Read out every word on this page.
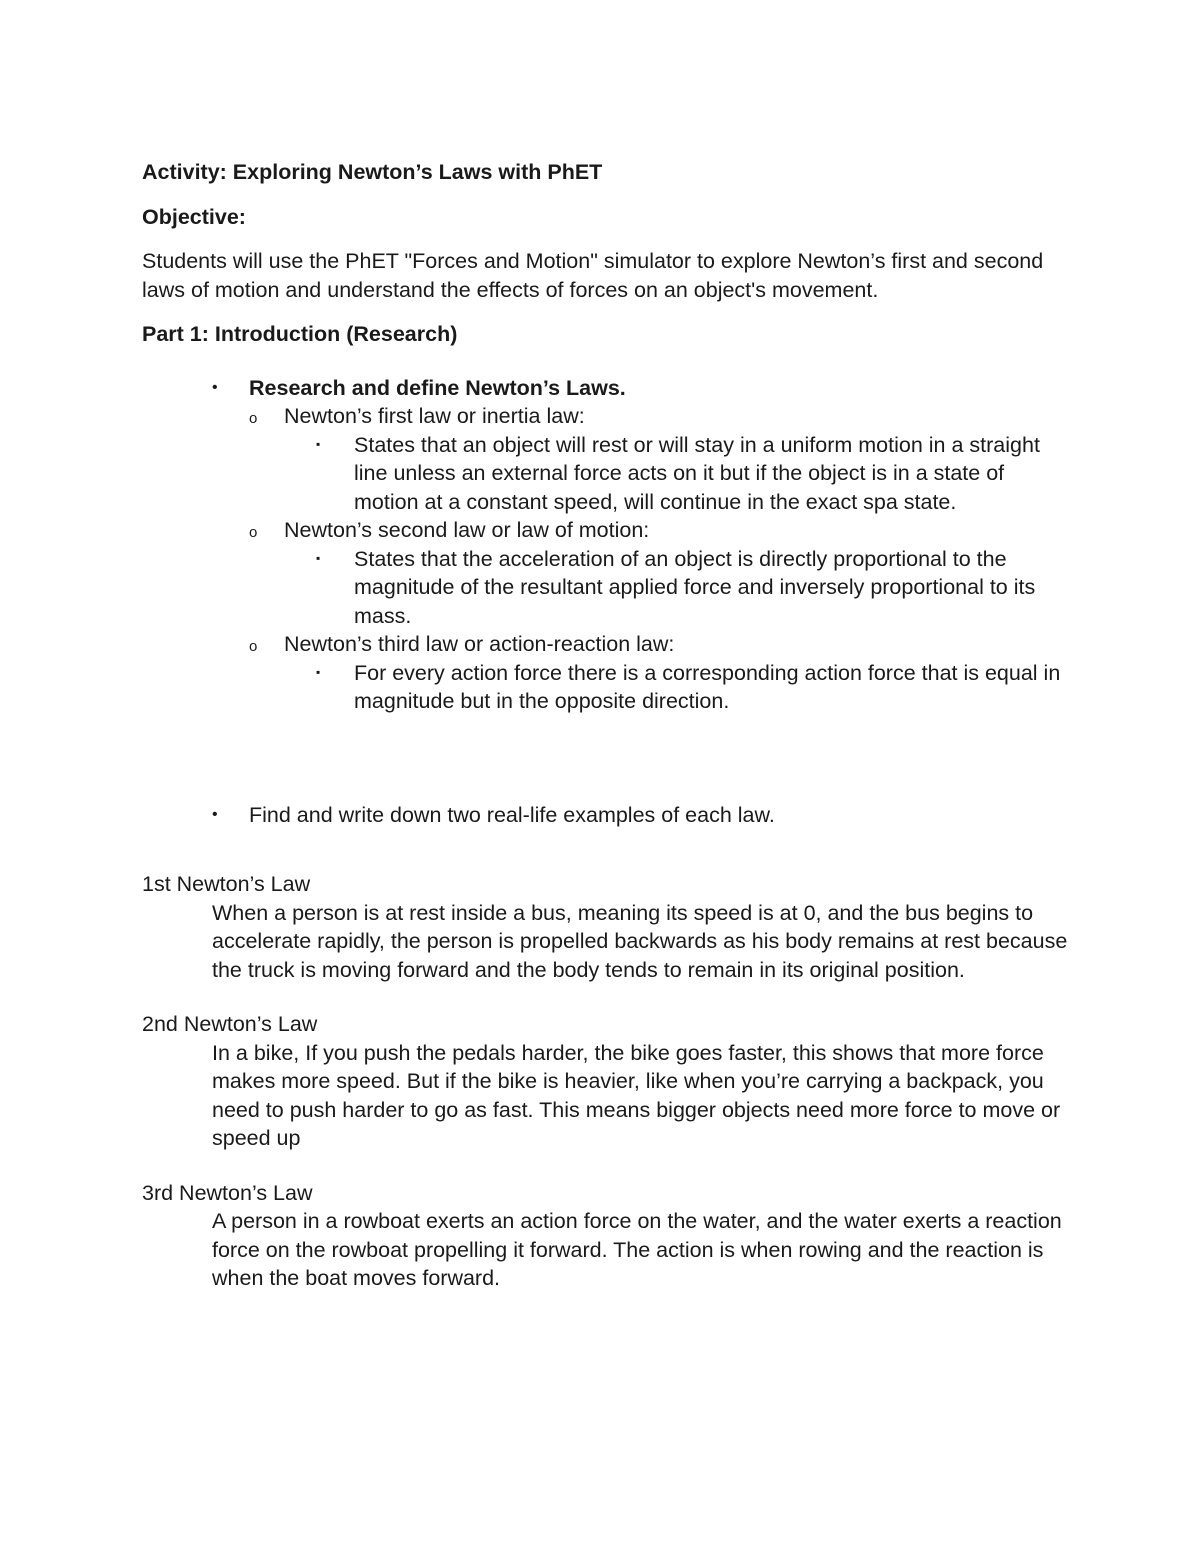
Activity: Exploring Newton’s Laws with PhET

Objective:

Students will use the PhET "Forces and Motion" simulator to explore Newton’s first and second laws of motion and understand the effects of forces on an object's movement.

Part 1: Introduction (Research)

• Research and define Newton’s Laws.
o Newton’s first law or inertia law:
▪ States that an object will rest or will stay in a uniform motion in a straight line unless an external force acts on it but if the object is in a state of motion at a constant speed, will continue in the exact spa state.
o Newton’s second law or law of motion:
▪ States that the acceleration of an object is directly proportional to the magnitude of the resultant applied force and inversely proportional to its mass.
o Newton’s third law or action-reaction law:
▪ For every action force there is a corresponding action force that is equal in magnitude but in the opposite direction.
• Find and write down two real-life examples of each law.

1st Newton’s Law

When a person is at rest inside a bus, meaning its speed is at 0, and the bus begins to accelerate rapidly, the person is propelled backwards as his body remains at rest because the truck is moving forward and the body tends to remain in its original position.

2nd Newton’s Law

In a bike, If you push the pedals harder, the bike goes faster, this shows that more force makes more speed. But if the bike is heavier, like when you’re carrying a backpack, you need to push harder to go as fast. This means bigger objects need more force to move or speed up

3rd Newton’s Law

A person in a rowboat exerts an action force on the water, and the water exerts a reaction force on the rowboat propelling it forward. The action is when rowing and the reaction is when the boat moves forward.
